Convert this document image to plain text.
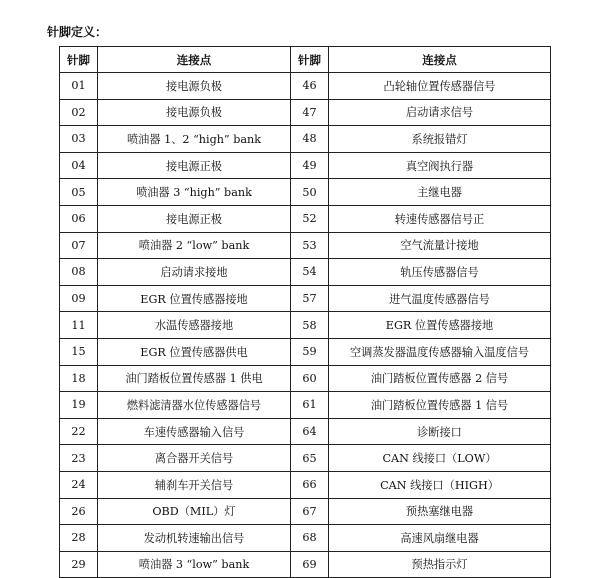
针脚定义：
针脚	连接点	针脚	连接点
01	接电源负极	46	凸轮轴位置传感器信号
02	接电源负极	47	启动请求信号
03	喷油器 1、2 “high” bank	48	系统报错灯
04	接电源正极	49	真空阀执行器
05	喷油器 3 “high” bank	50	主继电器
06	接电源正极	52	转速传感器信号正
07	喷油器 2 “low” bank	53	空气流量计接地
08	启动请求接地	54	轨压传感器信号
09	EGR 位置传感器接地	57	进气温度传感器信号
11	水温传感器接地	58	EGR 位置传感器接地
15	EGR 位置传感器供电	59	空调蒸发器温度传感器输入温度信号
18	油门踏板位置传感器 1 供电	60	油门踏板位置传感器 2 信号
19	燃料滤清器水位传感器信号	61	油门踏板位置传感器 1 信号
22	车速传感器输入信号	64	诊断接口
23	离合器开关信号	65	CAN 线接口（LOW）
24	辅刹车开关信号	66	CAN 线接口（HIGH）
26	OBD（MIL）灯	67	预热塞继电器
28	发动机转速输出信号	68	高速风扇继电器
29	喷油器 3 “low” bank	69	预热指示灯
